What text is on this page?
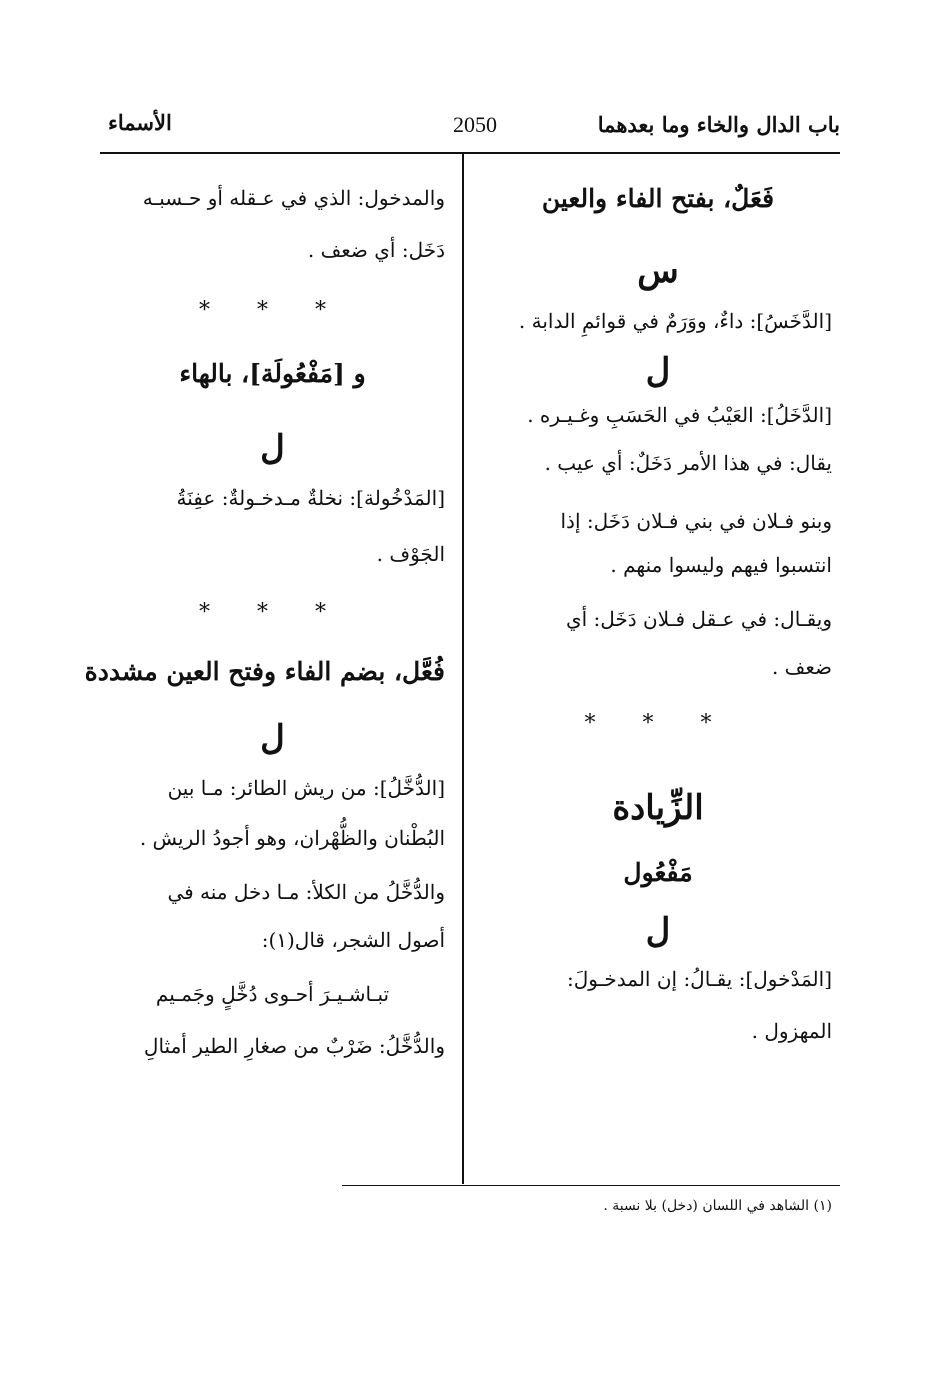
باب الدال والخاء وما بعدهما
2050
الأسماء

فَعَلٌ، بفتح الفاء والعين

س

[الدَّخَسُ]: داءٌ، ووَرَمٌ في قوائمِ الدابة .

ل

[الدَّخَلُ]: العَيْبُ في الحَسَبِ وغـيـره .

يقال: في هذا الأمر دَخَلٌ: أي عيب .

وبنو فـلان في بني فـلان دَخَل: إذا

انتسبوا فيهم وليسوا منهم .

ويقـال: في عـقل فـلان دَخَل: أي

ضعف .

* * *

الزِّيادة

مَفْعُول

ل

[المَدْخول]: يقـالُ: إن المدخـولَ:

المهزول .

والمدخول: الذي في عـقله أو حـسبـه

دَخَل: أي ضعف .

* * *

و [مَفْعُولَة]، بالهاء

ل

[المَدْخُولة]: نخلةٌ مـدخـولةٌ: عفِنَةُ

الجَوْف .

* * *

فُعَّل، بضم الفاء وفتح العين مشددة

ل

[الدُّخَّلُ]: من ريش الطائر: مـا بين

البُطْنان والظُّهْران، وهو أجودُ الريش .

والدُّخَّلُ من الكلأ: مـا دخل منه في

أصول الشجر، قال(١):

تبـاشـيـرَ أحـوى دُخَّلٍ وجَمـيم

والدُّخَّلُ: ضَرْبٌ من صغارِ الطير أمثالِ

(١) الشاهد في اللسان (دخل) بلا نسبة .
